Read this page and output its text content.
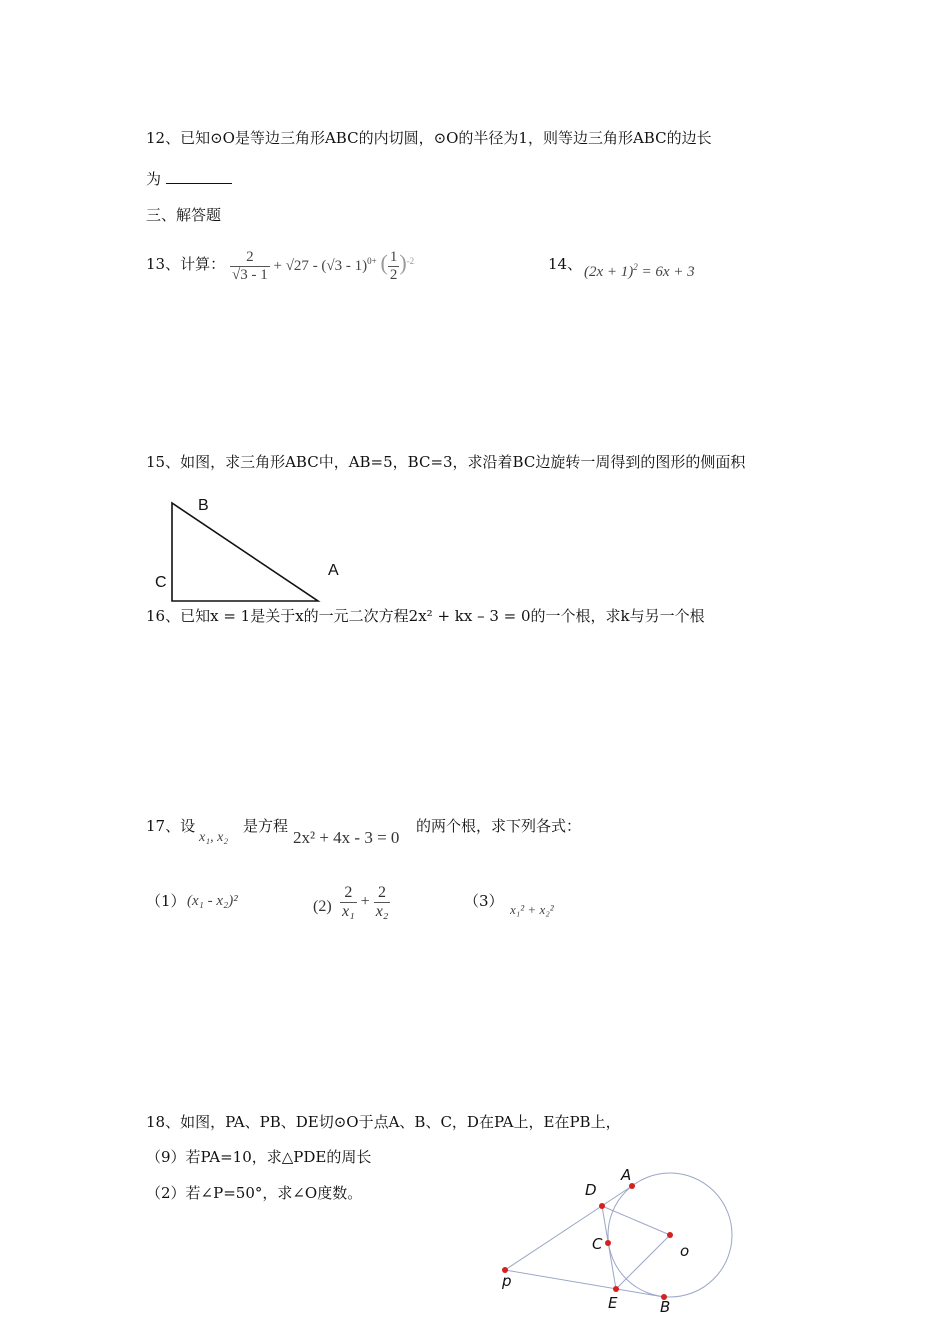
12、已知⊙O是等边三角形ABC的内切圆，⊙O的半径为1，则等边三角形ABC的边长
为
三、解答题
13、计算： $\frac{2}{√3 - 1} + √27 - (√3 - 1)^{0+}$ ( $\frac{1}{2} )^{-2}$	14、 $(2x + 1)^2 = 6x + 3$
15、如图，求三角形ABC中，AB=5，BC=3，求沿着BC边旋转一周得到的图形的侧面积
B
C
A
16、已知x = 1是关于x的一元二次方程2x² + kx – 3 = 0的一个根，求k与另一个根
17、设
x₁, x₂
是方程
2x² + 4x - 3 = 0
的两个根，求下列各式：
（1） (x₁ - x₂)²	$(2) \frac{2}{\text{x₁}} + \frac{2}{\text{x₂}}$	（3） x₁² + x₂²
18、如图，PA、PB、DE切⊙O于点A、B、C，D在PA上，E在PB上，
（9）若PA=10，求△PDE的周长
（2）若∠P=50°，求∠O度数。
A
D
C	o
p
E	B
